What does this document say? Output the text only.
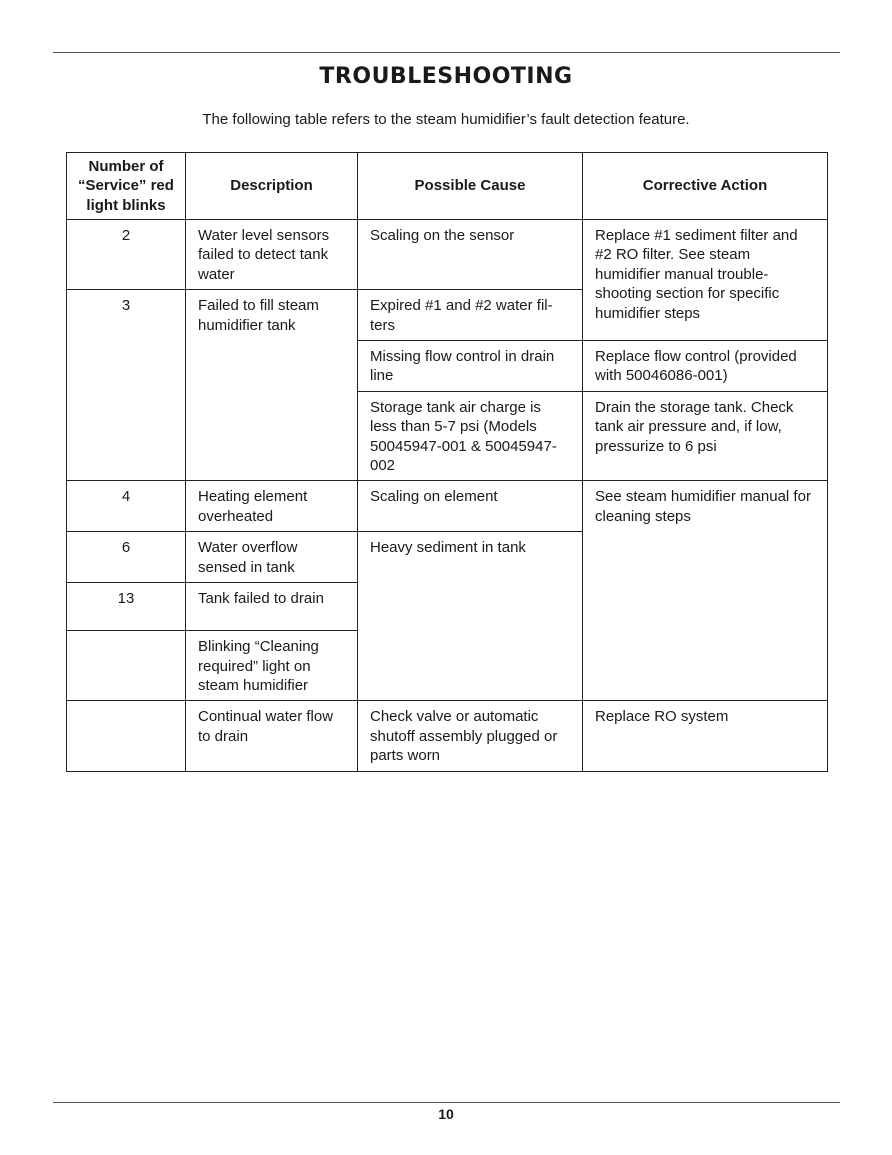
TROUBLESHOOTING
The following table refers to the steam humidifier’s fault detection feature.
Number of “Service” red light blinks	Description	Possible Cause	Corrective Action
2	Water level sensors failed to detect tank water	Scaling on the sensor	Replace #1 sediment filter and #2 RO filter. See steam humidifier manual trouble-shooting section for specific humidifier steps
3	Failed to fill steam humidifier tank	Expired #1 and #2 water fil-ters	
		Missing flow control in drain line	Replace flow control (provided with 50046086-001)
		Storage tank air charge is less than 5-7 psi (Models 50045947-001 & 50045947-002	Drain the storage tank. Check tank air pressure and, if low, pressurize to 6 psi
4	Heating element overheated	Scaling on element	See steam humidifier manual for cleaning steps
6	Water overflow sensed in tank	Heavy sediment in tank	
13	Tank failed to drain		
	Blinking “Cleaning required” light on steam humidifier		
	Continual water flow to drain	Check valve or automatic shutoff assembly plugged or parts worn	Replace RO system
10
